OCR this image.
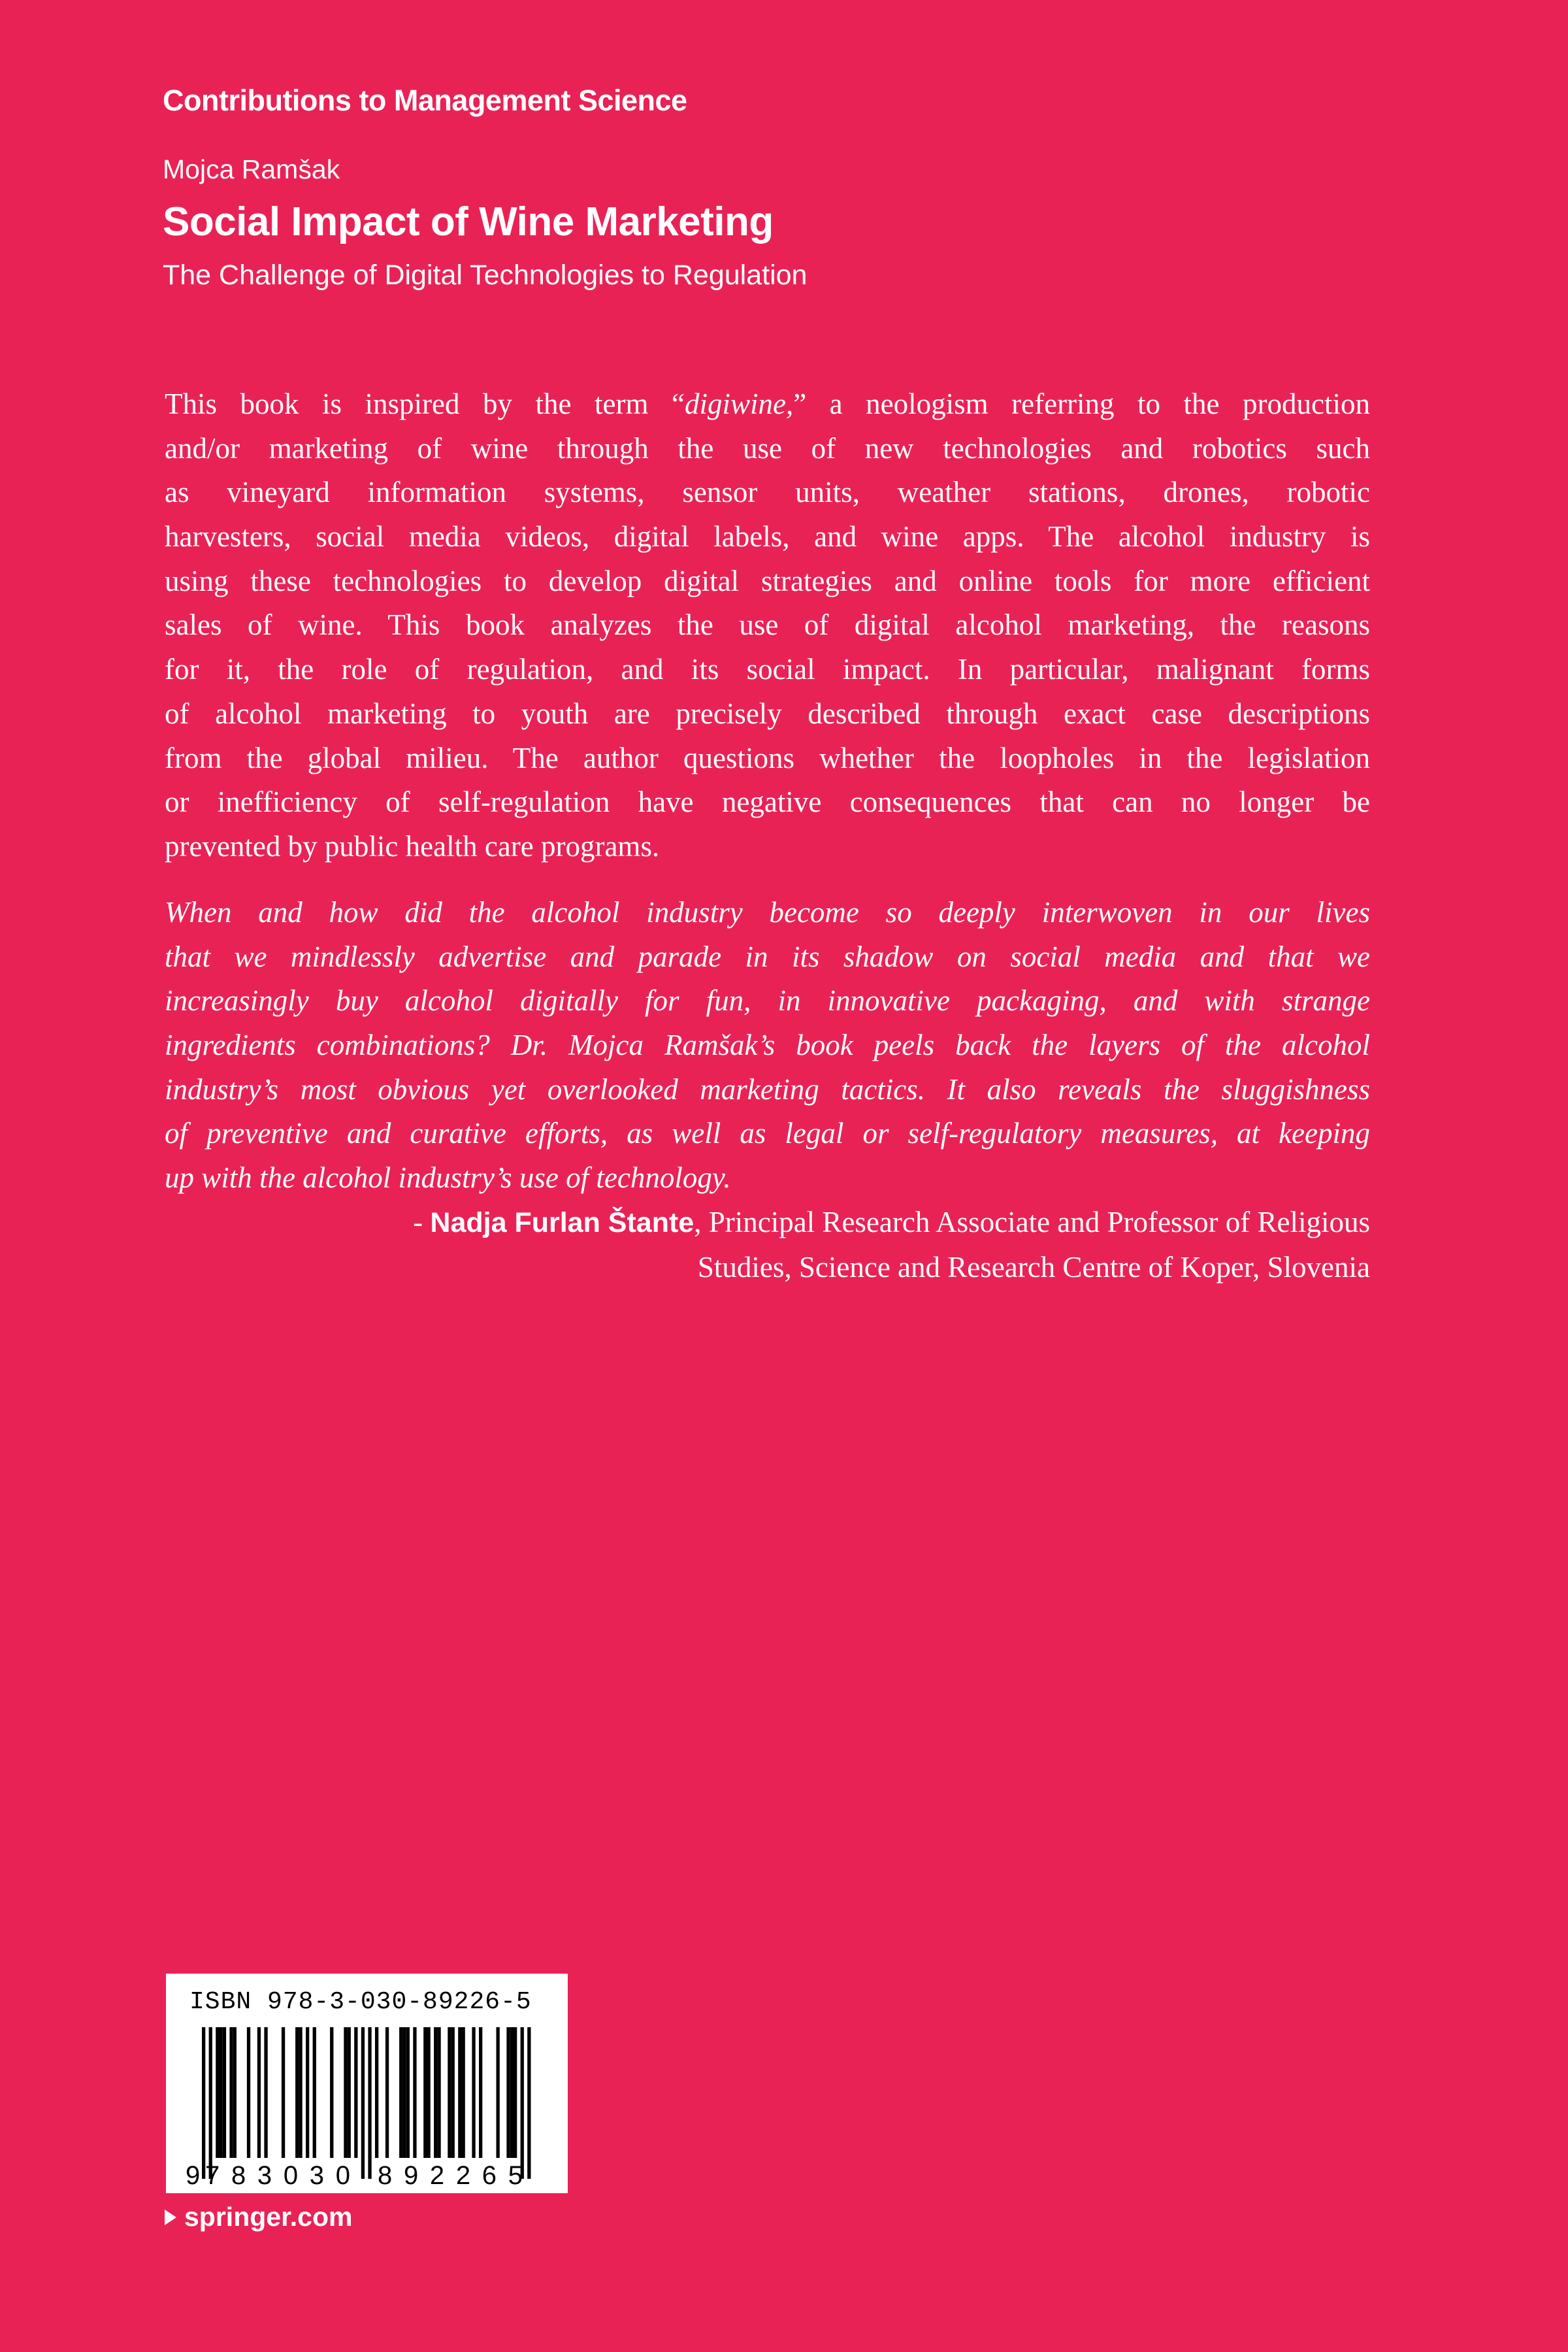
Contributions to Management Science
Mojca Ramšak
Social Impact of Wine Marketing
The Challenge of Digital Technologies to Regulation
This book is inspired by the term “digiwine,” a neologism referring to the production
and/or marketing of wine through the use of new technologies and robotics such
as vineyard information systems, sensor units, weather stations, drones, robotic
harvesters, social media videos, digital labels, and wine apps. The alcohol industry is
using these technologies to develop digital strategies and online tools for more efficient
sales of wine. This book analyzes the use of digital alcohol marketing, the reasons
for it, the role of regulation, and its social impact. In particular, malignant forms
of alcohol marketing to youth are precisely described through exact case descriptions
from the global milieu. The author questions whether the loopholes in the legislation
or inefficiency of self-regulation have negative consequences that can no longer be
prevented by public health care programs.
When and how did the alcohol industry become so deeply interwoven in our lives
that we mindlessly advertise and parade in its shadow on social media and that we
increasingly buy alcohol digitally for fun, in innovative packaging, and with strange
ingredients combinations? Dr. Mojca Ramšak’s book peels back the layers of the alcohol
industry’s most obvious yet overlooked marketing tactics. It also reveals the sluggishness
of preventive and curative efforts, as well as legal or self-regulatory measures, at keeping
up with the alcohol industry’s use of technology.
- Nadja Furlan Štante, Principal Research Associate and Professor of Religious
Studies, Science and Research Centre of Koper, Slovenia
ISBN 978-3-030-89226-5
9 783030 892265
springer.com
